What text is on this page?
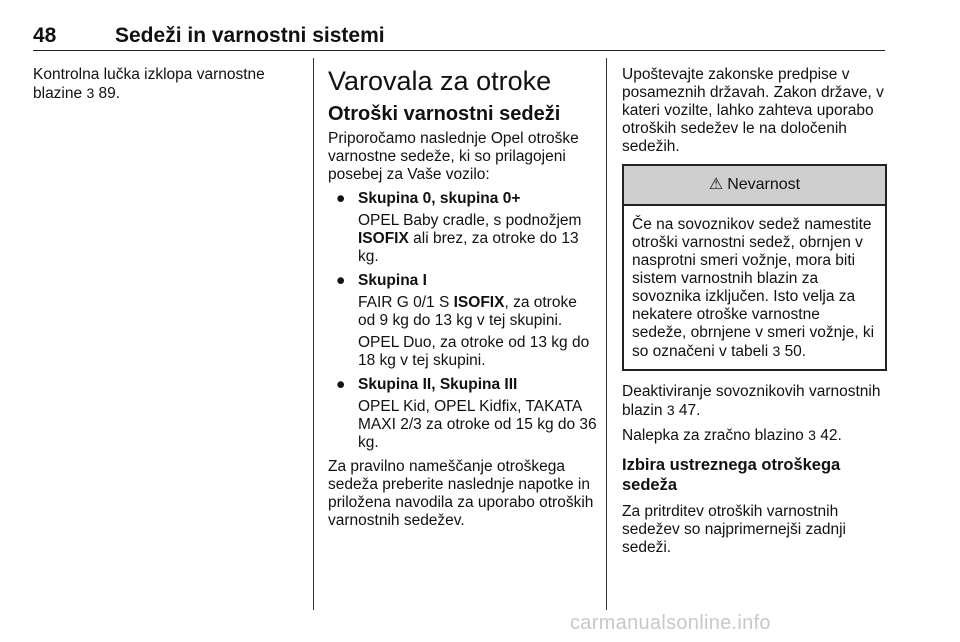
48	Sedeži in varnostni sistemi

Kontrolna lučka izklopa varnostne blazine 3 89.	Varovala za otroke
Otroški varnostni sedeži

Priporočamo naslednje Opel otroške varnostne sedeže, ki so prilagojeni posebej za Vaše vozilo:

● Skupina 0, skupina 0+
OPEL Baby cradle, s podnožjem ISOFIX ali brez, za otroke do 13 kg.
● Skupina I
FAIR G 0/1 S ISOFIX, za otroke od 9 kg do 13 kg v tej skupini.
OPEL Duo, za otroke od 13 kg do 18 kg v tej skupini.
● Skupina II, Skupina III
OPEL Kid, OPEL Kidfix, TAKATA MAXI 2/3 za otroke od 15 kg do 36 kg.

Za pravilno nameščanje otroškega sedeža preberite naslednje napotke in priložena navodila za uporabo otroških varnostnih sedežev.

Upoštevajte zakonske predpise v posameznih državah. Zakon države, v kateri vozilte, lahko zahteva uporabo otroških sedežev le na določenih sedežih.

⚠ Nevarnost
Če na sovoznikov sedež namestite otroški varnostni sedež, obrnjen v nasprotni smeri vožnje, mora biti sistem varnostnih blazin za sovoznika izključen. Isto velja za nekatere otroške varnostne sedeže, obrnjene v smeri vožnje, ki so označeni v tabeli 3 50.

Deaktiviranje sovoznikovih varnostnih blazin 3 47.

Nalepka za zračno blazino 3 42.

Izbira ustreznega otroškega sedeža

Za pritrditev otroških varnostnih sedežev so najprimernejši zadnji sedeži.

carmanualsonline.info
